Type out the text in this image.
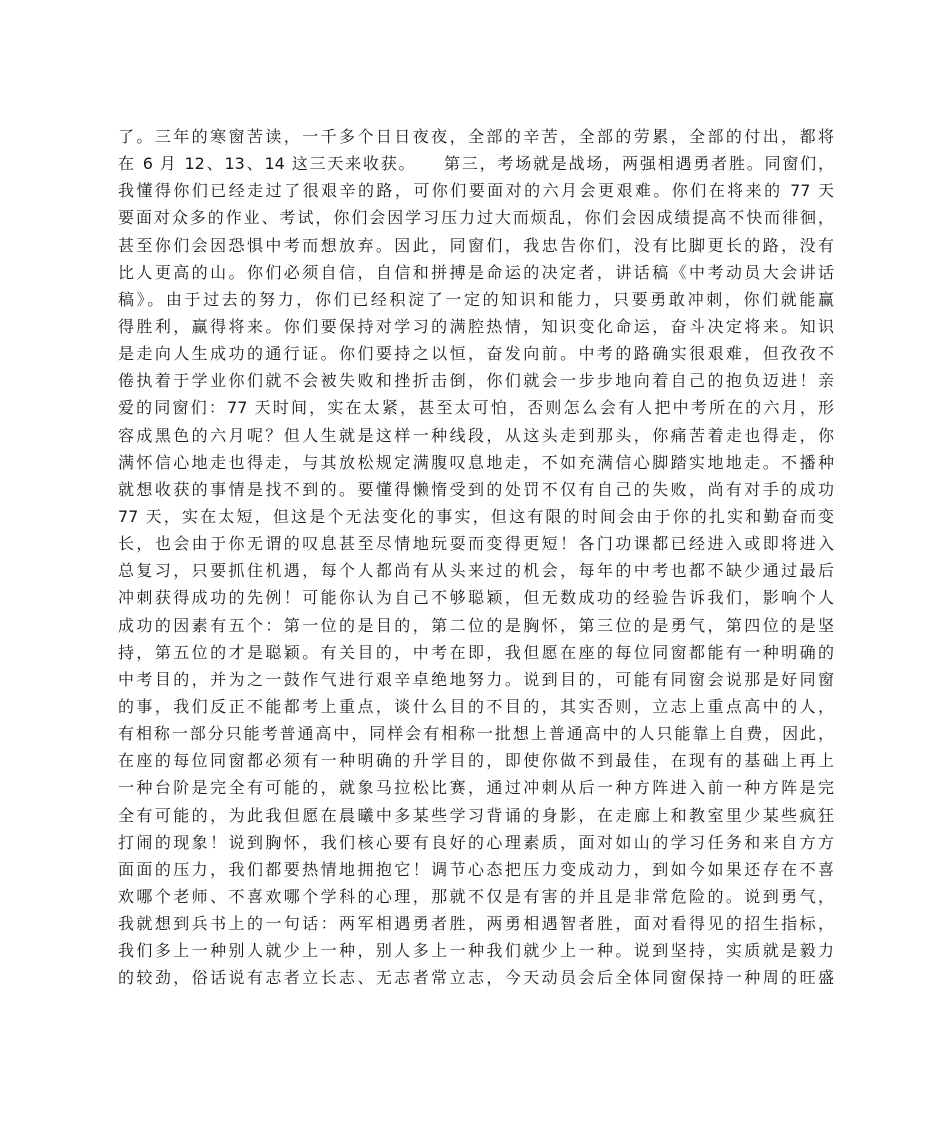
了。三年的寒窗苦读，一千多个日日夜夜，全部的辛苦，全部的劳累，全部的付出，都将
在 6 月 12、13、14 这三天来收获。　　第三，考场就是战场，两强相遇勇者胜。同窗们，
我懂得你们已经走过了很艰辛的路，可你们要面对的六月会更艰难。你们在将来的 77 天
要面对众多的作业、考试，你们会因学习压力过大而烦乱，你们会因成绩提高不快而徘徊，
甚至你们会因恐惧中考而想放弃。因此，同窗们，我忠告你们，没有比脚更长的路，没有
比人更高的山。你们必须自信，自信和拼搏是命运的决定者，讲话稿《中考动员大会讲话
稿》。由于过去的努力，你们已经积淀了一定的知识和能力，只要勇敢冲刺，你们就能赢
得胜利，赢得将来。你们要保持对学习的满腔热情，知识变化命运，奋斗决定将来。知识
是走向人生成功的通行证。你们要持之以恒，奋发向前。中考的路确实很艰难，但孜孜不
倦执着于学业你们就不会被失败和挫折击倒，你们就会一步步地向着自己的抱负迈进！亲
爱的同窗们：77 天时间，实在太紧，甚至太可怕，否则怎么会有人把中考所在的六月，形
容成黑色的六月呢？但人生就是这样一种线段，从这头走到那头，你痛苦着走也得走，你
满怀信心地走也得走，与其放松规定满腹叹息地走，不如充满信心脚踏实地地走。不播种
就想收获的事情是找不到的。要懂得懒惰受到的处罚不仅有自己的失败，尚有对手的成功
77 天，实在太短，但这是个无法变化的事实，但这有限的时间会由于你的扎实和勤奋而变
长，也会由于你无谓的叹息甚至尽情地玩耍而变得更短！各门功课都已经进入或即将进入
总复习，只要抓住机遇，每个人都尚有从头来过的机会，每年的中考也都不缺少通过最后
冲刺获得成功的先例！可能你认为自己不够聪颖，但无数成功的经验告诉我们，影响个人
成功的因素有五个：第一位的是目的，第二位的是胸怀，第三位的是勇气，第四位的是坚
持，第五位的才是聪颖。有关目的，中考在即，我但愿在座的每位同窗都能有一种明确的
中考目的，并为之一鼓作气进行艰辛卓绝地努力。说到目的，可能有同窗会说那是好同窗
的事，我们反正不能都考上重点，谈什么目的不目的，其实否则，立志上重点高中的人，
有相称一部分只能考普通高中，同样会有相称一批想上普通高中的人只能靠上自费，因此，
在座的每位同窗都必须有一种明确的升学目的，即使你做不到最佳，在现有的基础上再上
一种台阶是完全有可能的，就象马拉松比赛，通过冲刺从后一种方阵进入前一种方阵是完
全有可能的，为此我但愿在晨曦中多某些学习背诵的身影，在走廊上和教室里少某些疯狂
打闹的现象！说到胸怀，我们核心要有良好的心理素质，面对如山的学习任务和来自方方
面面的压力，我们都要热情地拥抱它！调节心态把压力变成动力，到如今如果还存在不喜
欢哪个老师、不喜欢哪个学科的心理，那就不仅是有害的并且是非常危险的。说到勇气，
我就想到兵书上的一句话：两军相遇勇者胜，两勇相遇智者胜，面对看得见的招生指标，
我们多上一种别人就少上一种，别人多上一种我们就少上一种。说到坚持，实质就是毅力
的较劲，俗话说有志者立长志、无志者常立志，今天动员会后全体同窗保持一种周的旺盛
